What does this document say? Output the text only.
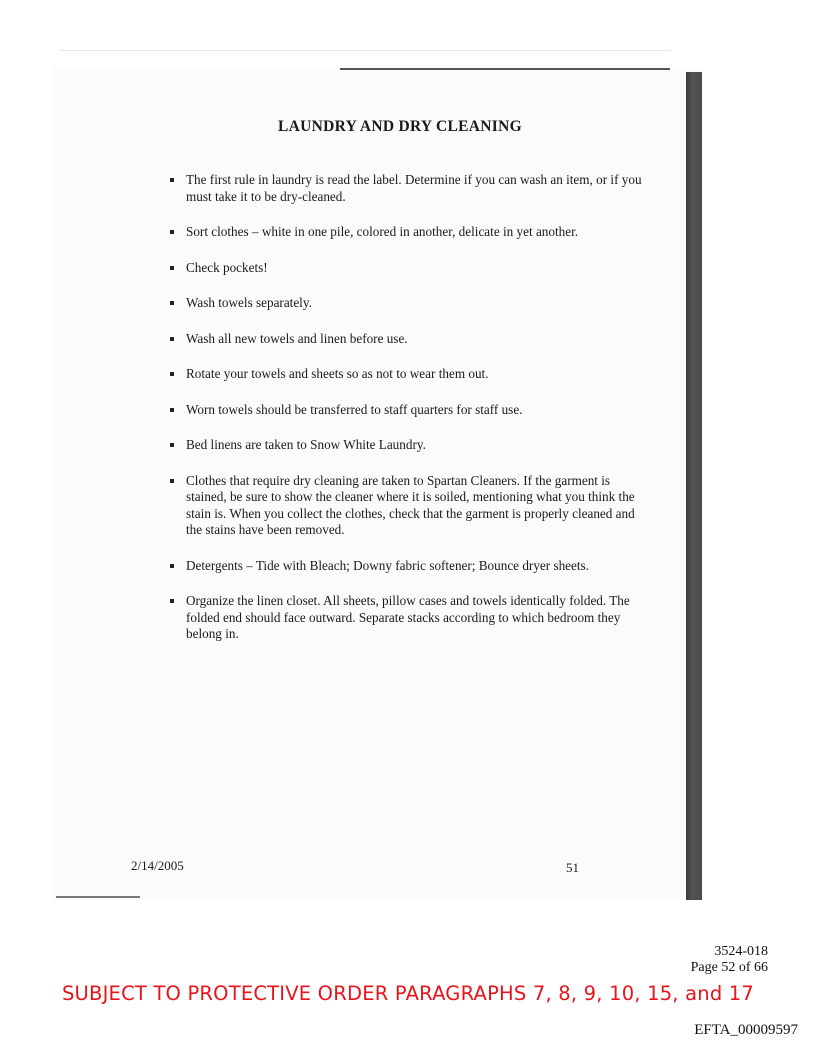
LAUNDRY AND DRY CLEANING
The first rule in laundry is read the label. Determine if you can wash an item, or if you must take it to be dry-cleaned.
Sort clothes – white in one pile, colored in another, delicate in yet another.
Check pockets!
Wash towels separately.
Wash all new towels and linen before use.
Rotate your towels and sheets so as not to wear them out.
Worn towels should be transferred to staff quarters for staff use.
Bed linens are taken to Snow White Laundry.
Clothes that require dry cleaning are taken to Spartan Cleaners. If the garment is stained, be sure to show the cleaner where it is soiled, mentioning what you think the stain is. When you collect the clothes, check that the garment is properly cleaned and the stains have been removed.
Detergents – Tide with Bleach; Downy fabric softener; Bounce dryer sheets.
Organize the linen closet. All sheets, pillow cases and towels identically folded. The folded end should face outward. Separate stacks according to which bedroom they belong in.
2/14/2005	51
3524-018
Page 52 of 66
SUBJECT TO PROTECTIVE ORDER PARAGRAPHS 7, 8, 9, 10, 15, and 17
EFTA_00009597
